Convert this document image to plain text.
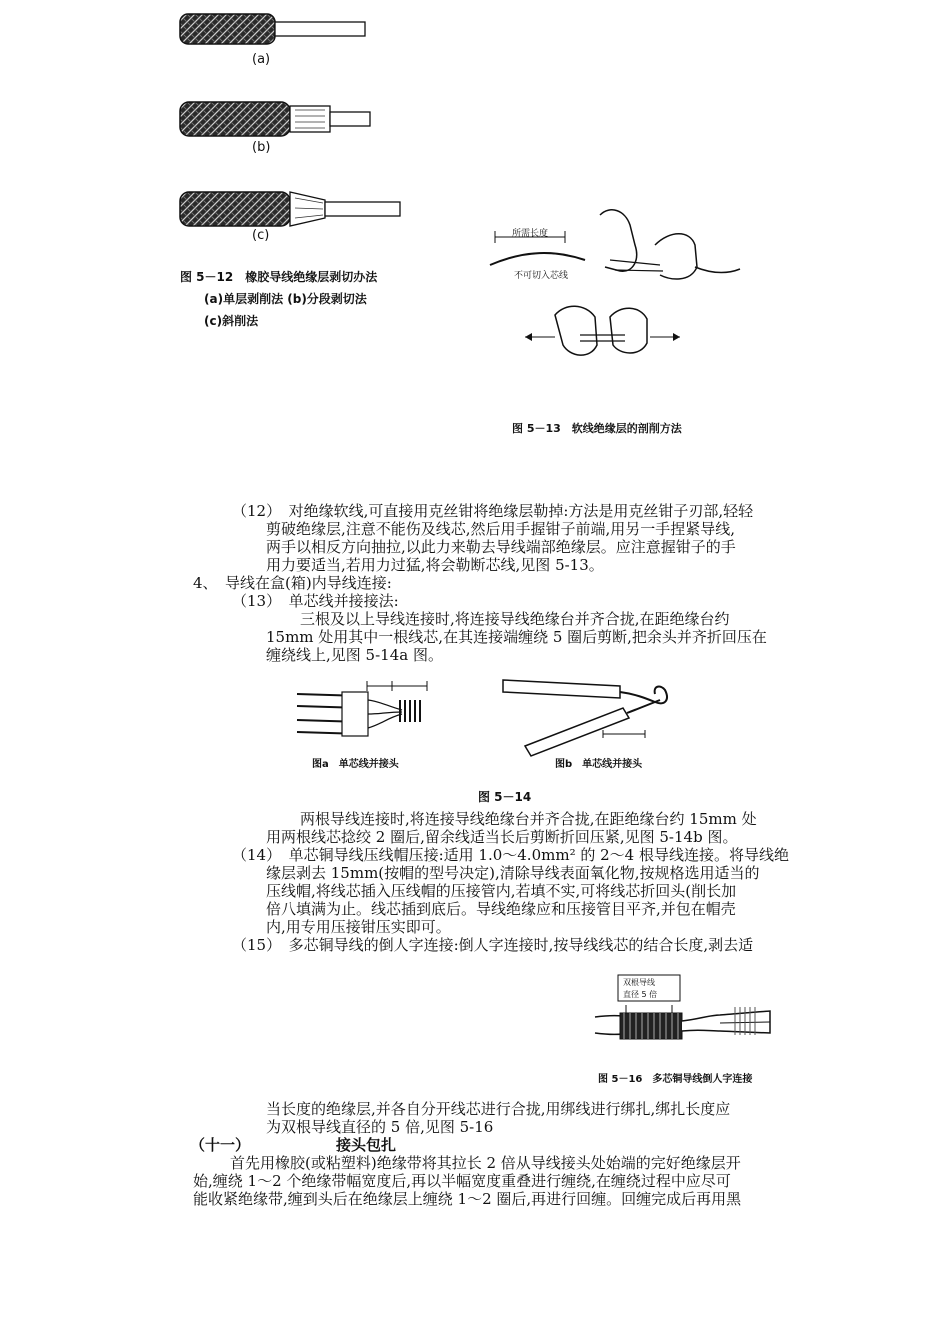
(a)
(b)
(c)
图 5－12　橡胶导线绝缘层剥切办法
(a)单层剥削法 (b)分段剥切法
(c)斜削法
所需长度
不可切入芯线
图 5－13　软线绝缘层的剖削方法
（12）　对绝缘软线,可直接用克丝钳将绝缘层勒掉:方法是用克丝钳子刃部,轻轻
剪破绝缘层,注意不能伤及线芯,然后用手握钳子前端,用另一手捏紧导线,
两手以相反方向抽拉,以此力来勒去导线端部绝缘层。应注意握钳子的手
用力要适当,若用力过猛,将会勒断芯线,见图 5-13。
4、　导线在盒(箱)内导线连接:
（13）　单芯线并接接法:
三根及以上导线连接时,将连接导线绝缘台并齐合拢,在距绝缘台约
15mm 处用其中一根线芯,在其连接端缠绕 5 圈后剪断,把余头并齐折回压在
缠绕线上,见图 5-14a 图。
图a　单芯线并接头	图b　单芯线并接头
图 5－14
两根导线连接时,将连接导线绝缘台并齐合拢,在距绝缘台约 15mm 处
用两根线芯捻绞 2 圈后,留余线适当长后剪断折回压紧,见图 5-14b 图。
（14）　单芯铜导线压线帽压接:适用 1.0～4.0mm² 的 2～4 根导线连接。将导线绝
缘层剥去 15mm(按帽的型号决定),清除导线表面氧化物,按规格选用适当的
压线帽,将线芯插入压线帽的压接管内,若填不实,可将线芯折回头(削长加
倍八填满为止。线芯插到底后。导线绝缘应和压接管目平齐,并包在帽壳
内,用专用压接钳压实即可。
（15）　多芯铜导线的倒人字连接:倒人字连接时,按导线线芯的结合长度,剥去适
双根导线
直径 5 倍
图 5－16　多芯铜导线倒人字连接
当长度的绝缘层,并各自分开线芯进行合拢,用绑线进行绑扎,绑扎长度应
为双根导线直径的 5 倍,见图 5-16
（十一）	接头包扎
首先用橡胶(或粘塑料)绝缘带将其拉长 2 倍从导线接头处始端的完好绝缘层开
始,缠绕 1～2 个绝缘带幅宽度后,再以半幅宽度重叠进行缠绕,在缠绕过程中应尽可
能收紧绝缘带,缠到头后在绝缘层上缠绕 1～2 圈后,再进行回缠。回缠完成后再用黑
